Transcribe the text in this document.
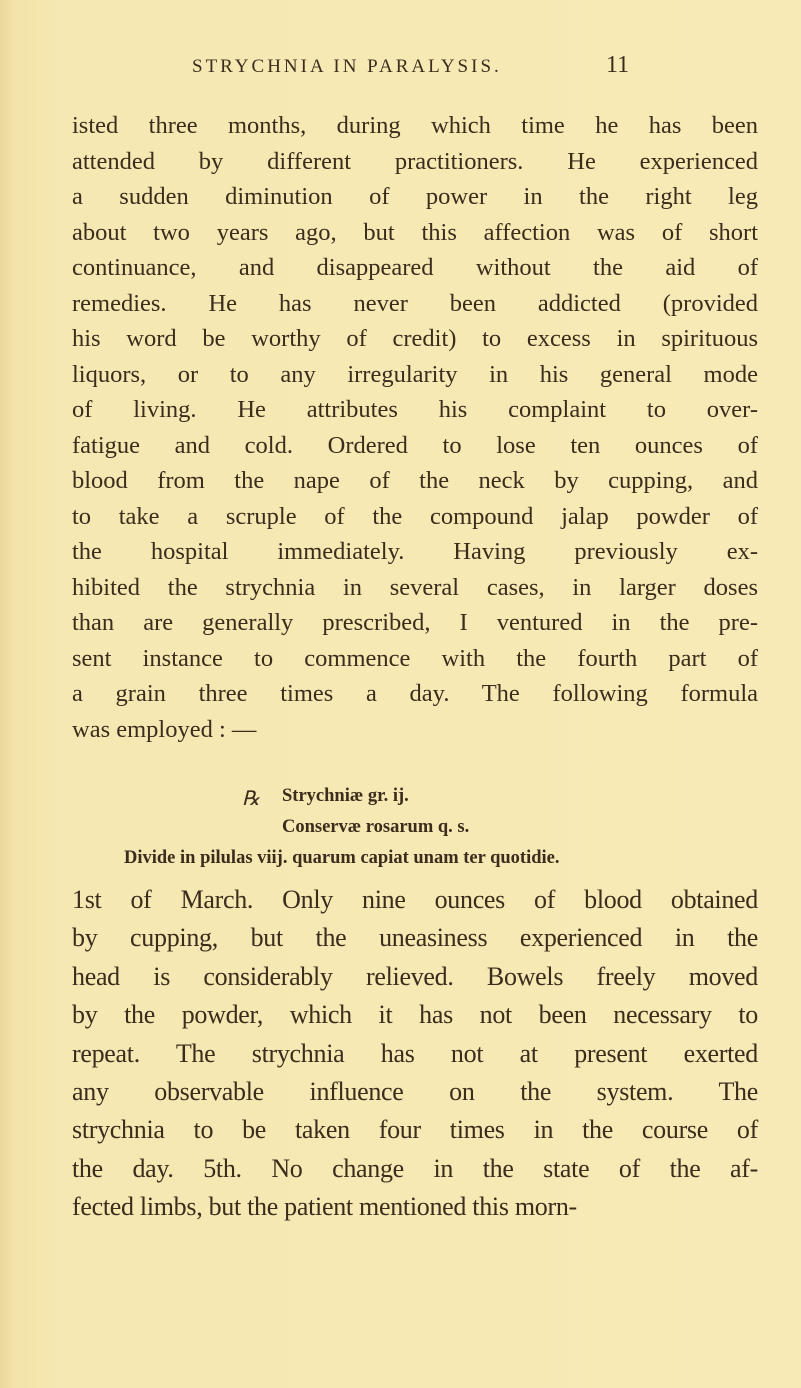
STRYCHNIA IN PARALYSIS.	11
isted three months, during which time he has been
attended by different practitioners. He experienced
a sudden diminution of power in the right leg
about two years ago, but this affection was of short
continuance, and disappeared without the aid of
remedies. He has never been addicted (provided
his word be worthy of credit) to excess in spirituous
liquors, or to any irregularity in his general mode
of living. He attributes his complaint to over-
fatigue and cold. Ordered to lose ten ounces of
blood from the nape of the neck by cupping, and
to take a scruple of the compound jalap powder of
the hospital immediately. Having previously ex-
hibited the strychnia in several cases, in larger doses
than are generally prescribed, I ventured in the pre-
sent instance to commence with the fourth part of
a grain three times a day. The following formula
was employed : —
℞ Strychniæ gr. ij.
Conservæ rosarum q. s.
Divide in pilulas viij. quarum capiat unam ter quotidie.
1st of March. Only nine ounces of blood obtained
by cupping, but the uneasiness experienced in the
head is considerably relieved. Bowels freely moved
by the powder, which it has not been necessary to
repeat. The strychnia has not at present exerted
any observable influence on the system. The
strychnia to be taken four times in the course of
the day. 5th. No change in the state of the af-
fected limbs, but the patient mentioned this morn-
